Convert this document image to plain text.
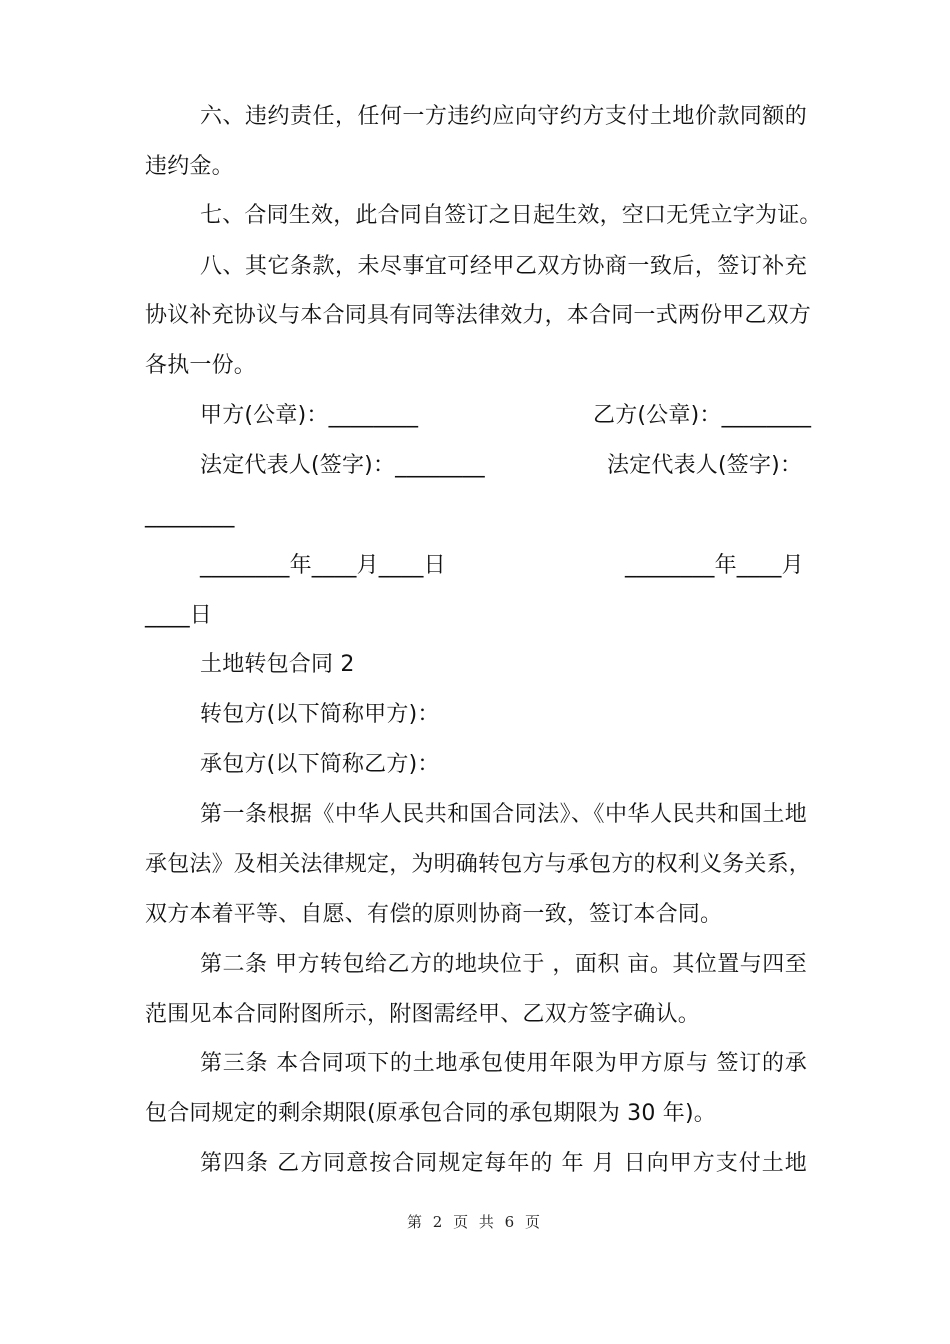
六、违约责任，任何一方违约应向守约方支付土地价款同额的
违约金。
七、合同生效，此合同自签订之日起生效，空口无凭立字为证。
八、其它条款，未尽事宜可经甲乙双方协商一致后，签订补充
协议补充协议与本合同具有同等法律效力，本合同一式两份甲乙双方
各执一份。
甲方(公章)：________	乙方(公章)：________
法定代表人(签字)：________	法定代表人(签字)：
________
________年____月____日	________年____月
____日
土地转包合同 2
转包方(以下简称甲方)：
承包方(以下简称乙方)：
第一条根据《中华人民共和国合同法》、《中华人民共和国土地
承包法》及相关法律规定，为明确转包方与承包方的权利义务关系，
双方本着平等、自愿、有偿的原则协商一致，签订本合同。
第二条 甲方转包给乙方的地块位于 ，面积 亩。其位置与四至
范围见本合同附图所示，附图需经甲、乙双方签字确认。
第三条 本合同项下的土地承包使用年限为甲方原与 签订的承
包合同规定的剩余期限(原承包合同的承包期限为 30 年)。
第四条 乙方同意按合同规定每年的 年 月 日向甲方支付土地
第 2 页 共 6 页
